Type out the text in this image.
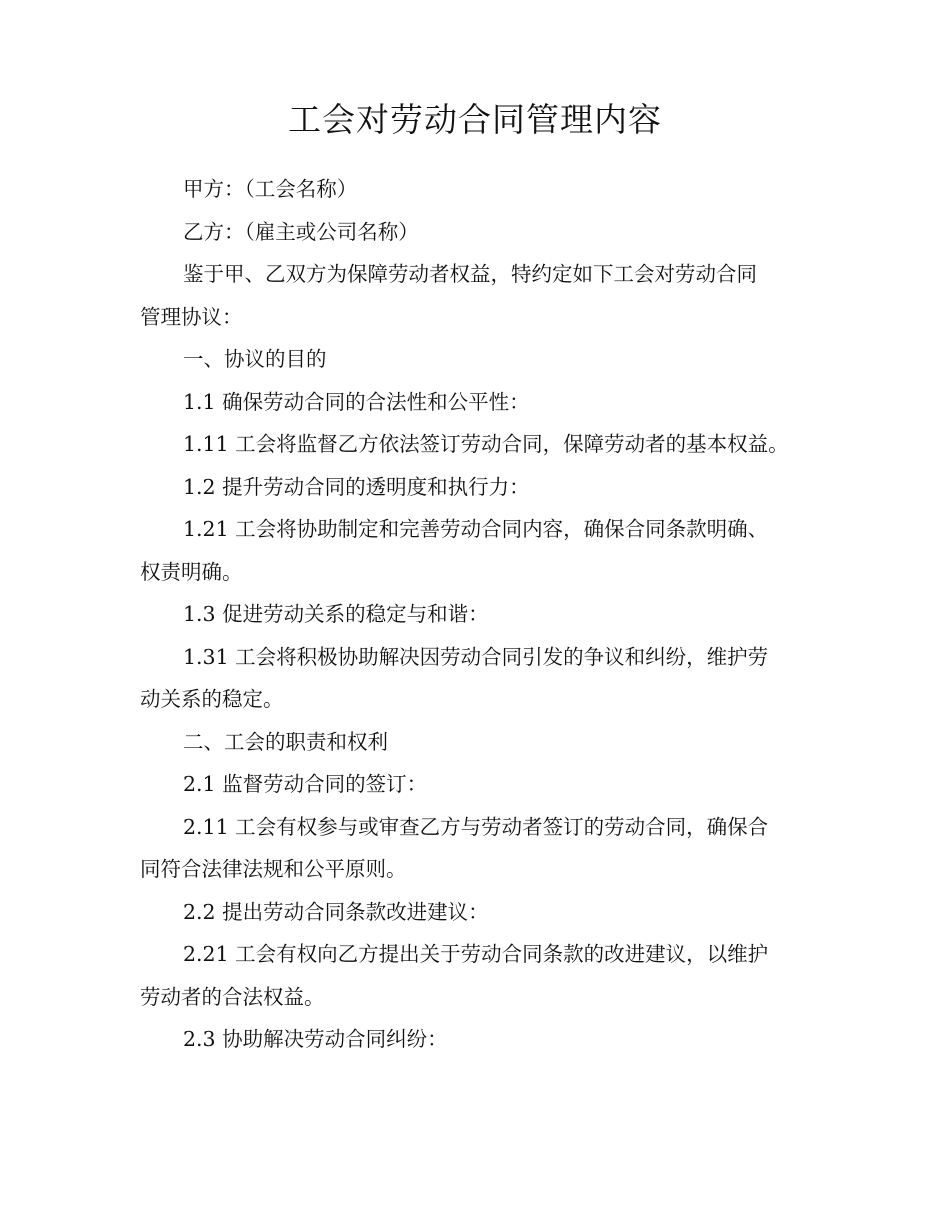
工会对劳动合同管理内容

甲方：（工会名称）

乙方：（雇主或公司名称）

鉴于甲、乙双方为保障劳动者权益，特约定如下工会对劳动合同
管理协议：

一、协议的目的

1.1 确保劳动合同的合法性和公平性：

1.11 工会将监督乙方依法签订劳动合同，保障劳动者的基本权益。

1.2 提升劳动合同的透明度和执行力：

1.21 工会将协助制定和完善劳动合同内容，确保合同条款明确、
权责明确。

1.3 促进劳动关系的稳定与和谐：

1.31 工会将积极协助解决因劳动合同引发的争议和纠纷，维护劳
动关系的稳定。

二、工会的职责和权利

2.1 监督劳动合同的签订：

2.11 工会有权参与或审查乙方与劳动者签订的劳动合同，确保合
同符合法律法规和公平原则。

2.2 提出劳动合同条款改进建议：

2.21 工会有权向乙方提出关于劳动合同条款的改进建议，以维护
劳动者的合法权益。

2.3 协助解决劳动合同纠纷：
